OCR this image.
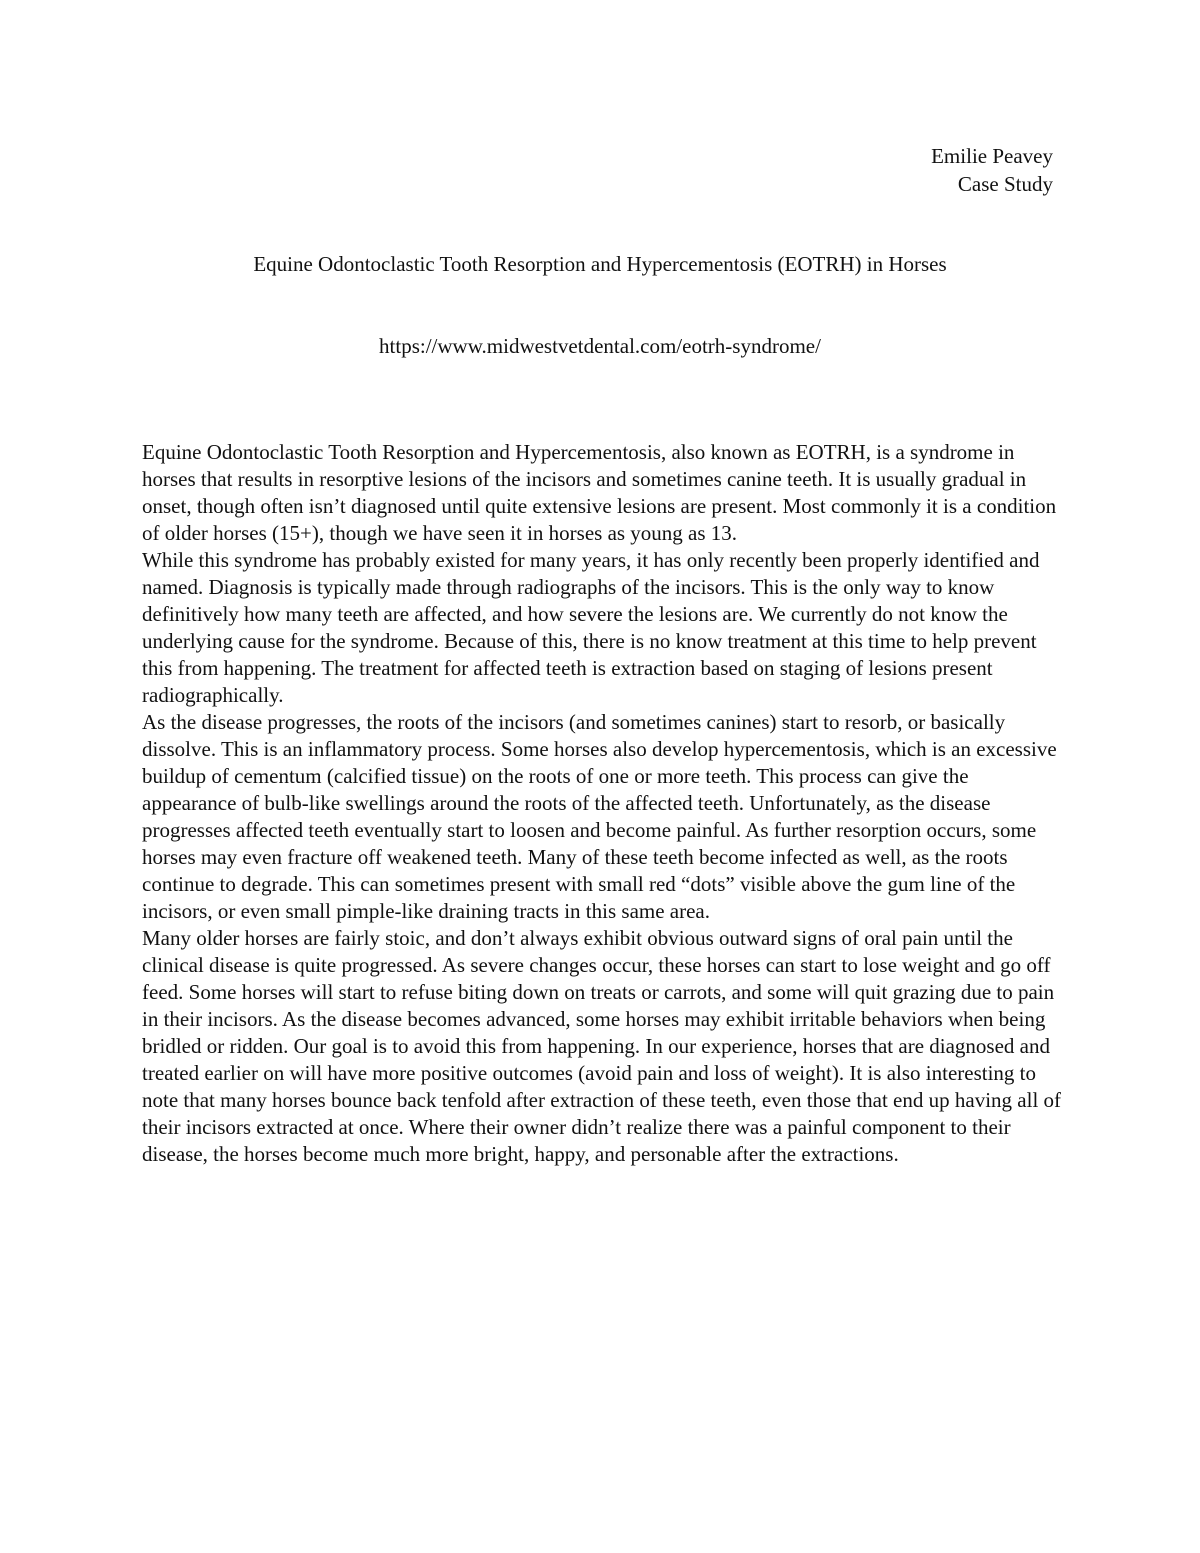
Emilie Peavey
Case Study
Equine Odontoclastic Tooth Resorption and Hypercementosis (EOTRH) in Horses
https://www.midwestvetdental.com/eotrh-syndrome/

Equine Odontoclastic Tooth Resorption and Hypercementosis, also known as EOTRH, is a syndrome in horses that results in resorptive lesions of the incisors and sometimes canine teeth. It is usually gradual in onset, though often isn’t diagnosed until quite extensive lesions are present. Most commonly it is a condition of older horses (15+), though we have seen it in horses as young as 13.

While this syndrome has probably existed for many years, it has only recently been properly identified and named. Diagnosis is typically made through radiographs of the incisors. This is the only way to know definitively how many teeth are affected, and how severe the lesions are. We currently do not know the underlying cause for the syndrome. Because of this, there is no know treatment at this time to help prevent this from happening. The treatment for affected teeth is extraction based on staging of lesions present radiographically.

As the disease progresses, the roots of the incisors (and sometimes canines) start to resorb, or basically dissolve. This is an inflammatory process. Some horses also develop hypercementosis, which is an excessive buildup of cementum (calcified tissue) on the roots of one or more teeth. This process can give the appearance of bulb-like swellings around the roots of the affected teeth. Unfortunately, as the disease progresses affected teeth eventually start to loosen and become painful. As further resorption occurs, some horses may even fracture off weakened teeth. Many of these teeth become infected as well, as the roots continue to degrade. This can sometimes present with small red “dots” visible above the gum line of the incisors, or even small pimple-like draining tracts in this same area.

Many older horses are fairly stoic, and don’t always exhibit obvious outward signs of oral pain until the clinical disease is quite progressed. As severe changes occur, these horses can start to lose weight and go off feed. Some horses will start to refuse biting down on treats or carrots, and some will quit grazing due to pain in their incisors. As the disease becomes advanced, some horses may exhibit irritable behaviors when being bridled or ridden. Our goal is to avoid this from happening. In our experience, horses that are diagnosed and treated earlier on will have more positive outcomes (avoid pain and loss of weight). It is also interesting to note that many horses bounce back tenfold after extraction of these teeth, even those that end up having all of their incisors extracted at once. Where their owner didn’t realize there was a painful component to their disease, the horses become much more bright, happy, and personable after the extractions.
